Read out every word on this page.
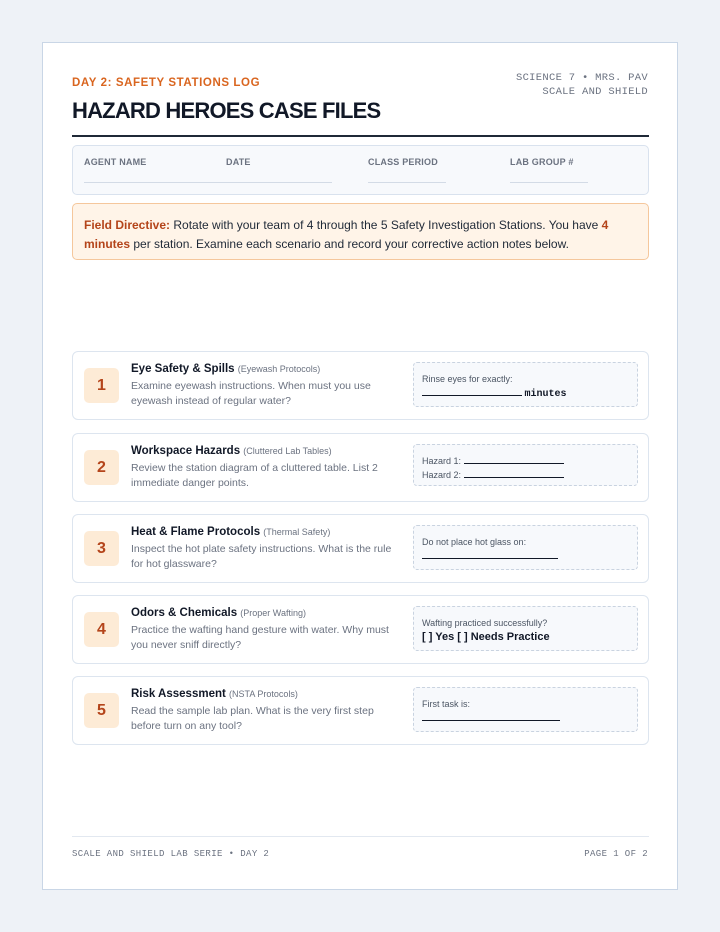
DAY 2: SAFETY STATIONS LOG
HAZARD HEROES CASE FILES
SCIENCE 7 • MRS. PAV
SCALE AND SHIELD
AGENT NAME	DATE	CLASS PERIOD	LAB GROUP #
Field Directive: Rotate with your team of 4 through the 5 Safety Investigation Stations. You have 4 minutes per station. Examine each scenario and record your corrective action notes below.
1
Eye Safety & Spills (Eyewash Protocols)
Examine eyewash instructions. When must you use eyewash instead of regular water?
Rinse eyes for exactly:
minutes
2
Workspace Hazards (Cluttered Lab Tables)
Review the station diagram of a cluttered table. List 2 immediate danger points.
Hazard 1:
Hazard 2:
3
Heat & Flame Protocols (Thermal Safety)
Inspect the hot plate safety instructions. What is the rule for hot glassware?
Do not place hot glass on:
4
Odors & Chemicals (Proper Wafting)
Practice the wafting hand gesture with water. Why must you never sniff directly?
Wafting practiced successfully?
[ ] Yes [ ] Needs Practice
5
Risk Assessment (NSTA Protocols)
Read the sample lab plan. What is the very first step before turn on any tool?
First task is:
SCALE AND SHIELD LAB SERIE • DAY 2	PAGE 1 OF 2
